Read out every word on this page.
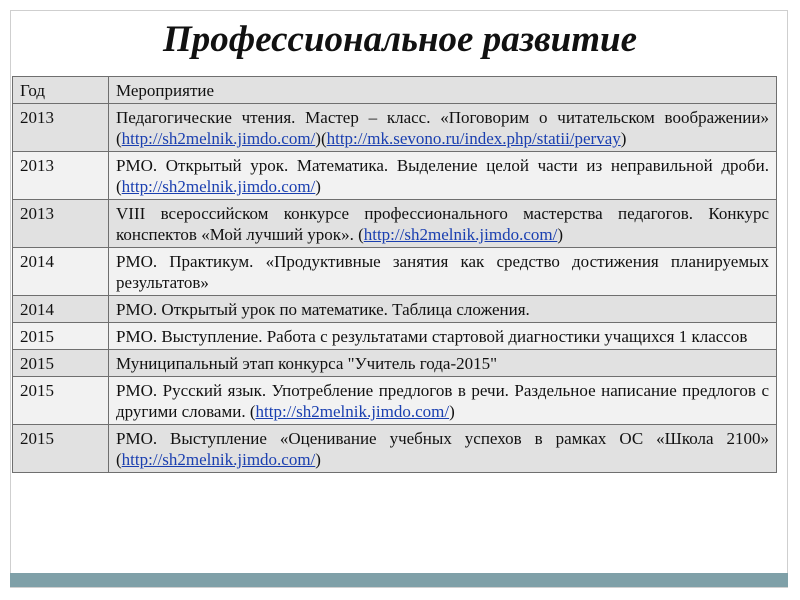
Профессиональное развитие
Год	Мероприятие
2013	Педагогические чтения. Мастер – класс. «Поговорим о читательском воображении» (http://sh2melnik.jimdo.com/)(http://mk.sevono.ru/index.php/statii/pervay)
2013	РМО. Открытый урок. Математика. Выделение целой части из неправильной дроби. (http://sh2melnik.jimdo.com/)
2013	VIII всероссийском конкурсе профессионального мастерства педагогов. Конкурс конспектов «Мой лучший урок». (http://sh2melnik.jimdo.com/)
2014	РМО. Практикум. «Продуктивные занятия как средство достижения планируемых результатов»
2014	РМО. Открытый урок по математике. Таблица сложения.
2015	РМО. Выступление. Работа с результатами стартовой диагностики учащихся 1 классов
2015	Муниципальный этап конкурса "Учитель года-2015"
2015	РМО. Русский язык. Употребление предлогов в речи. Раздельное написание предлогов с другими словами. (http://sh2melnik.jimdo.com/)
2015	РМО. Выступление «Оценивание учебных успехов в рамках ОС «Школа 2100» (http://sh2melnik.jimdo.com/)
